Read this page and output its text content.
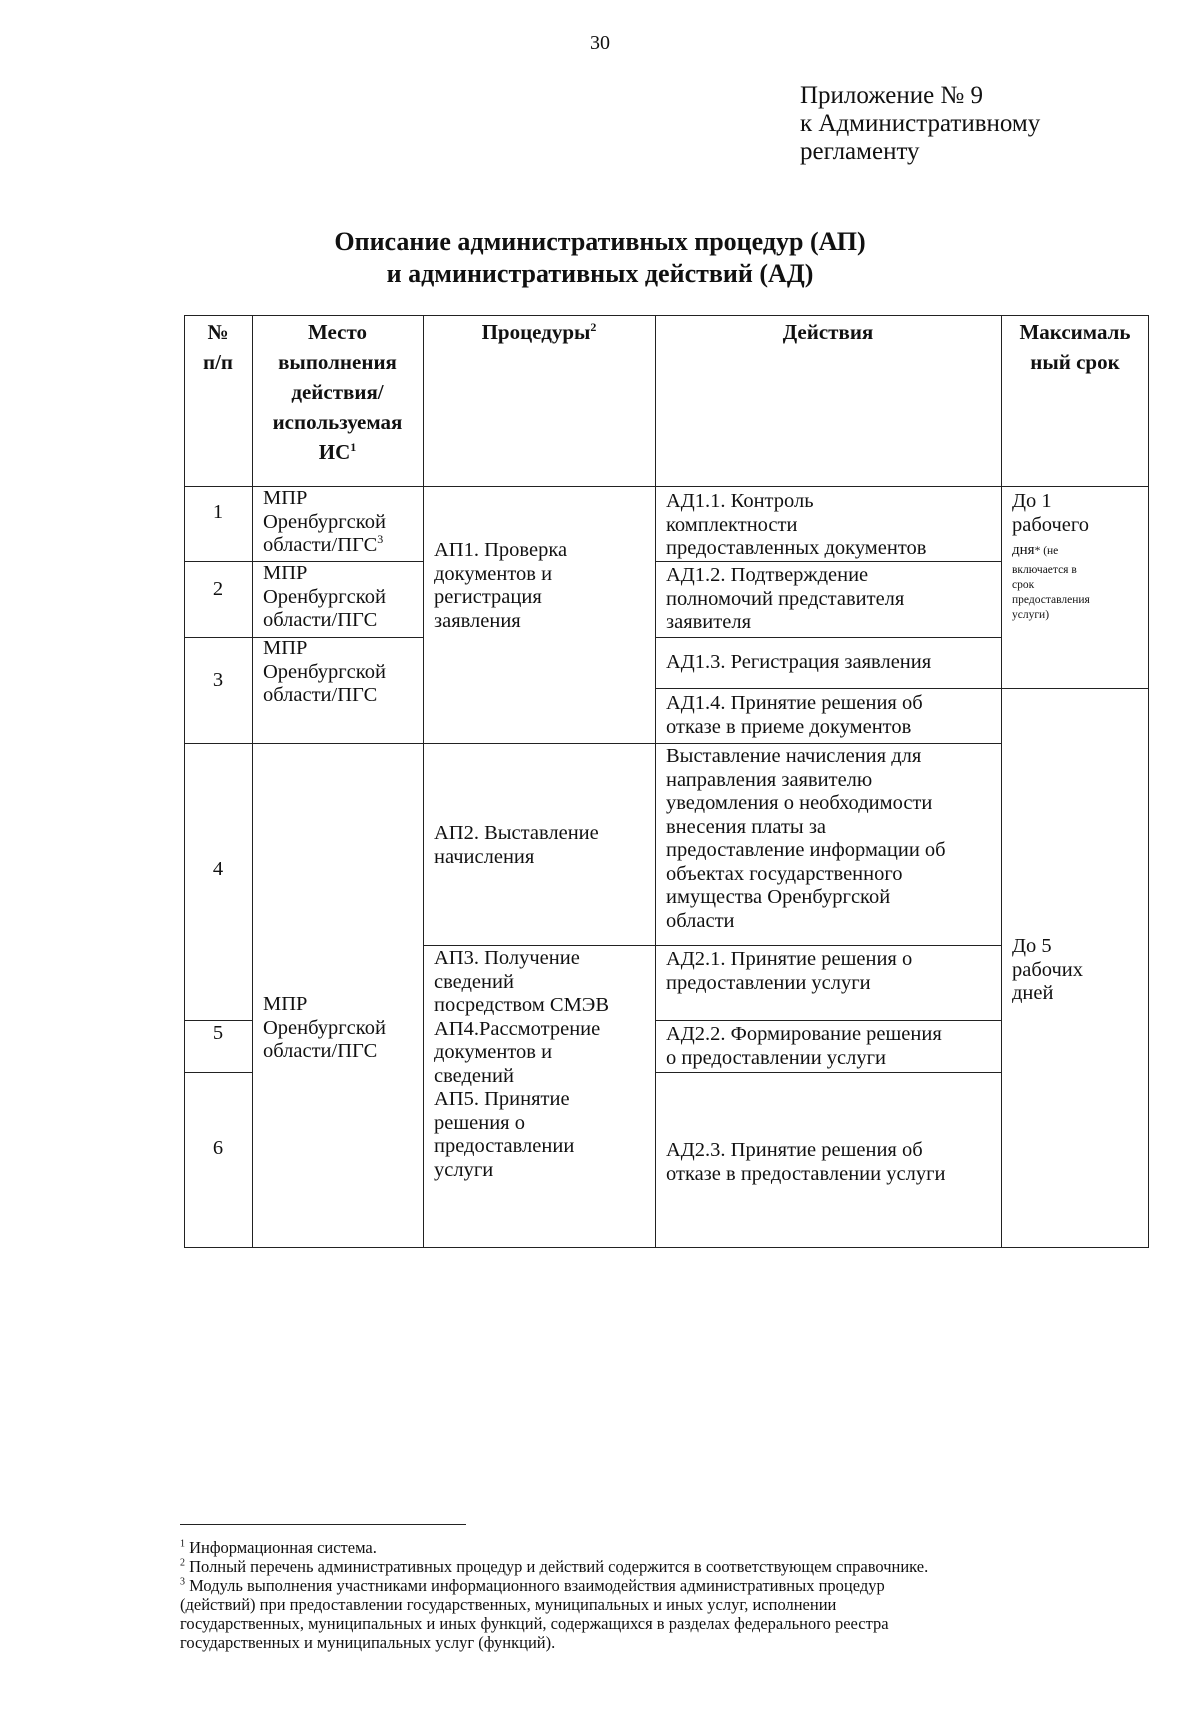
30
Приложение № 9
к Административному
регламенту
Описание административных процедур (АП)
и административных действий (АД)
№
п/п
Место
выполнения
действия/
используемая
$ИС^1$
Процедуры$^2$	Действия	Максималь
ный срок
1
2
3
4
5
6
МПР
Оренбургской
области/ПГС$^3$
МПР
Оренбургской
области/ПГС
МПР
Оренбургской
области/ПГС
МПР
Оренбургской
области/ПГС
АП1. Проверка
документов и
регистрация
заявления
АП2. Выставление
начисления
АП3. Получение
сведений
посредством СМЭВ
АП4.Рассмотрение
документов и
сведений
АП5. Принятие
решения о
предоставлении
услуги
АД1.1. Контроль
комплектности
предоставленных документов
АД1.2. Подтверждение
полномочий представителя
заявителя
АД1.3. Регистрация заявления
АД1.4. Принятие решения об
отказе в приеме документов
Выставление начисления для
направления заявителю
уведомления о необходимости
внесения платы за
предоставление информации об
объектах государственного
имущества Оренбургской
области
АД2.1. Принятие решения о
предоставлении услуги
АД2.2. Формирование решения
о предоставлении услуги
АД2.3. Принятие решения об
отказе в предоставлении услуги
До 1
рабочего
дня* (не
включается в
срок
предоставления
услуги)
До 5
рабочих
дней
$^1$ Информационная система.
$^2$ Полный перечень административных процедур и действий содержится в соответствующем справочнике.
$^3$ Модуль выполнения участниками информационного взаимодействия административных процедур
(действий) при предоставлении государственных, муниципальных и иных услуг, исполнении
государственных, муниципальных и иных функций, содержащихся в разделах федерального реестра
государственных и муниципальных услуг (функций).
